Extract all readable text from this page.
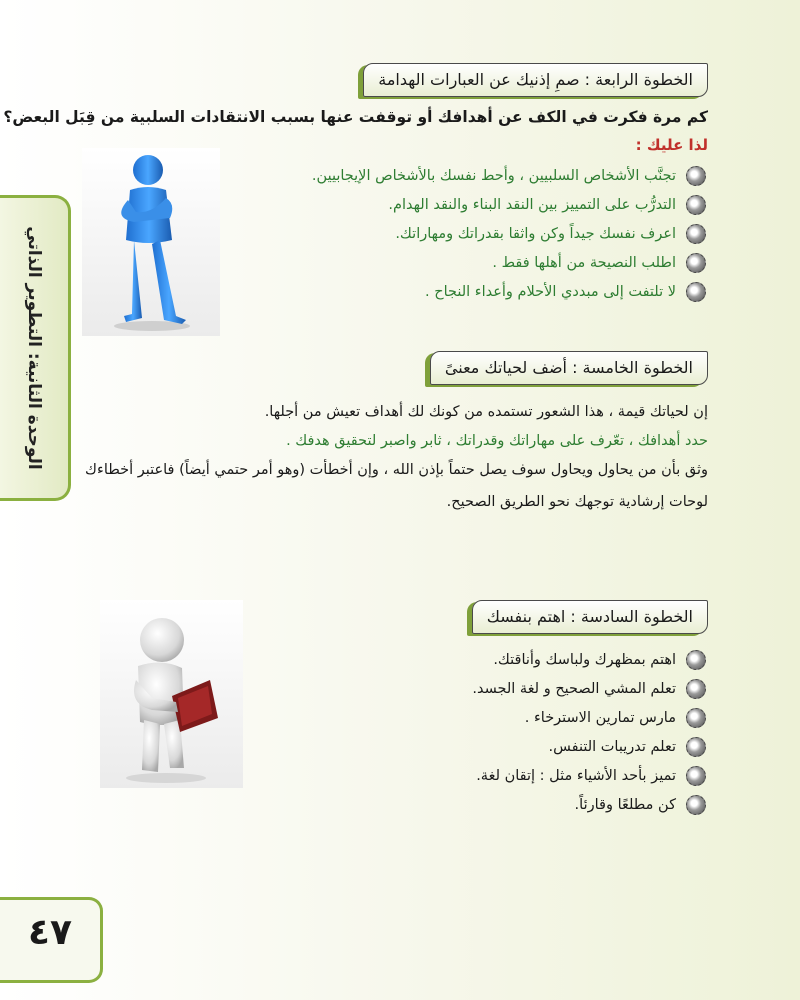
الوحدة الثانية: التطوير الذاتي
الخطوة الرابعة : صمِ إذنيك عن العبارات الهدامة
كم مرة فكرت في الكف عن أهدافك أو توقفت عنها بسبب الانتقادات السلبية من قِبَل البعض؟
لذا عليك :
تجنَّب الأشخاص السلبيين ، وأحط نفسك بالأشخاص الإيجابيين.
التدرُّب على التمييز بين النقد البناء والنقد الهدام.
اعرف نفسك جيداً وكن واثقا بقدراتك ومهاراتك.
اطلب النصيحة من أهلها فقط .
لا تلتفت إلى مبددي الأحلام وأعداء النجاح .
الخطوة الخامسة : أضف لحياتك معنىً
إن لحياتك قيمة ، هذا الشعور تستمده من كونك لك أهداف تعيش من أجلها.
حدد أهدافك ، تعّرف على مهاراتك وقدراتك ، ثابر واصبر لتحقيق هدفك .
وثق بأن من يحاول ويحاول سوف يصل حتماً بإذن الله ، وإن أخطأت (وهو أمر حتمي أيضاً) فاعتبر أخطاءك
لوحات إرشادية توجهك نحو الطريق الصحيح.
الخطوة السادسة : اهتم بنفسك
اهتم بمظهرك ولباسك وأناقتك.
تعلم المشي الصحيح و لغة الجسد.
مارس تمارين الاسترخاء .
تعلم تدريبات التنفس.
تميز بأحد الأشياء مثل : إتقان لغة.
كن مطلعًا وقارئاً.
٤٧
